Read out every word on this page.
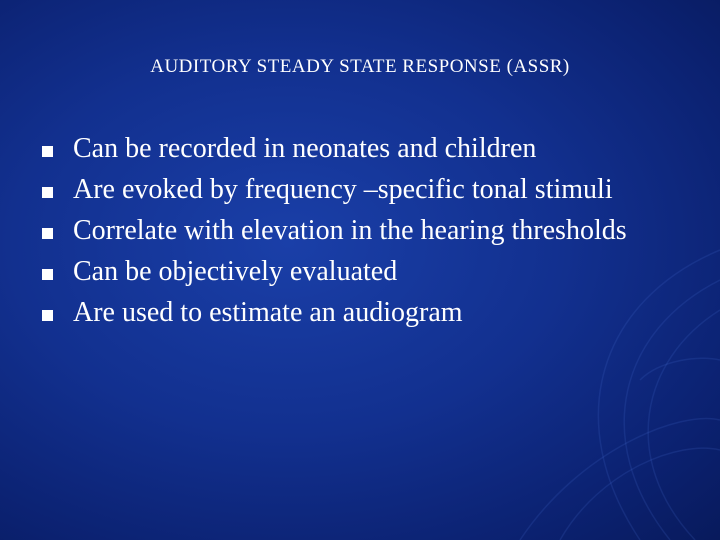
AUDITORY STEADY STATE RESPONSE (ASSR)
Can be recorded in neonates and children
Are evoked by frequency –specific tonal stimuli
Correlate with elevation in the hearing thresholds
Can be objectively evaluated
Are used to estimate an audiogram
